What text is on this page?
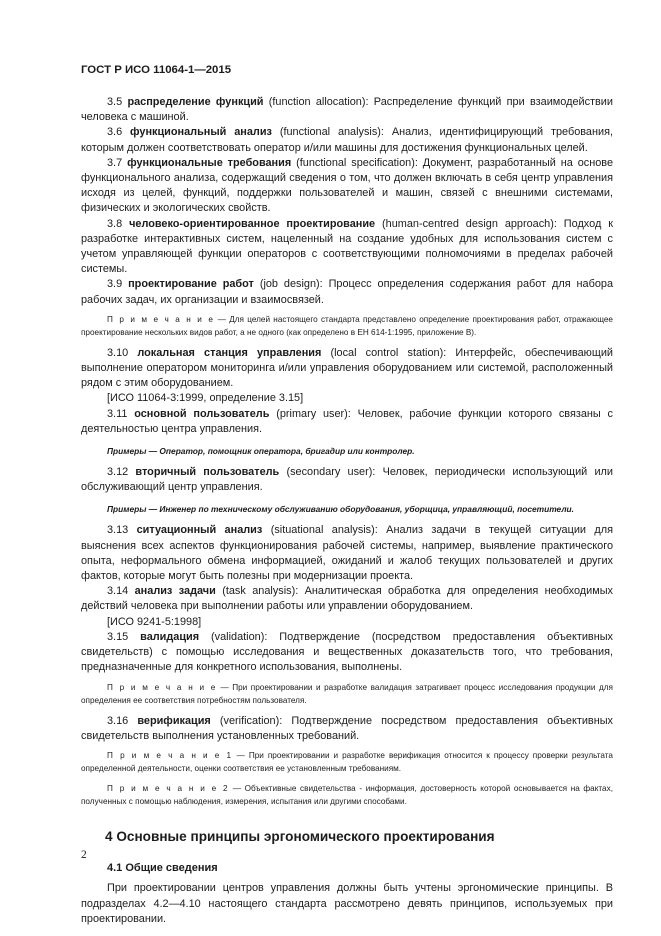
ГОСТ Р ИСО 11064-1—2015

3.5 распределение функций (function allocation): Распределение функций при взаимодействии человека с машиной.

3.6 функциональный анализ (functional analysis): Анализ, идентифицирующий требования, которым должен соответствовать оператор и/или машины для достижения функциональных целей.

3.7 функциональные требования (functional specification): Документ, разработанный на основе функционального анализа, содержащий сведения о том, что должен включать в себя центр управления исходя из целей, функций, поддержки пользователей и машин, связей с внешними системами, физических и экологических свойств.

3.8 человеко-ориентированное проектирование (human-centred design approach): Подход к разработке интерактивных систем, нацеленный на создание удобных для использования систем с учетом управляющей функции операторов с соответствующими полномочиями в пределах рабочей системы.

3.9 проектирование работ (job design): Процесс определения содержания работ для набора рабочих задач, их организации и взаимосвязей.

П р и м е ч а н и е — Для целей настоящего стандарта представлено определение проектирования работ, отражающее проектирование нескольких видов работ, а не одного (как определено в ЕН 614-1:1995, приложение В).

3.10 локальная станция управления (local control station): Интерфейс, обеспечивающий выполнение оператором мониторинга и/или управления оборудованием или системой, расположенный рядом с этим оборудованием.

[ИСО 11064-3:1999, определение 3.15]

3.11 основной пользователь (primary user): Человек, рабочие функции которого связаны с деятельностью центра управления.

Примеры — Оператор, помощник оператора, бригадир или контролер.

3.12 вторичный пользователь (secondary user): Человек, периодически использующий или обслуживающий центр управления.

Примеры — Инженер по техническому обслуживанию оборудования, уборщица, управляющий, посетители.

3.13 ситуационный анализ (situational analysis): Анализ задачи в текущей ситуации для выяснения всех аспектов функционирования рабочей системы, например, выявление практического опыта, неформального обмена информацией, ожиданий и жалоб текущих пользователей и других фактов, которые могут быть полезны при модернизации проекта.

3.14 анализ задачи (task analysis): Аналитическая обработка для определения необходимых действий человека при выполнении работы или управлении оборудованием.

[ИСО 9241-5:1998]

3.15 валидация (validation): Подтверждение (посредством предоставления объективных свидетельств) с помощью исследования и вещественных доказательств того, что требования, предназначенные для конкретного использования, выполнены.

П р и м е ч а н и е — При проектировании и разработке валидация затрагивает процесс исследования продукции для определения ее соответствия потребностям пользователя.

3.16 верификация (verification): Подтверждение посредством предоставления объективных свидетельств выполнения установленных требований.

П р и м е ч а н и е 1 — При проектировании и разработке верификация относится к процессу проверки результата определенной деятельности, оценки соответствия ее установленным требованиям.

П р и м е ч а н и е 2 — Объективные свидетельства - информация, достоверность которой основывается на фактах, полученных с помощью наблюдения, измерения, испытания или другими способами.

4 Основные принципы эргономического проектирования
4.1 Общие сведения

При проектировании центров управления должны быть учтены эргономические принципы. В подразделах 4.2—4.10 настоящего стандарта рассмотрено девять принципов, используемых при проектировании.

2
